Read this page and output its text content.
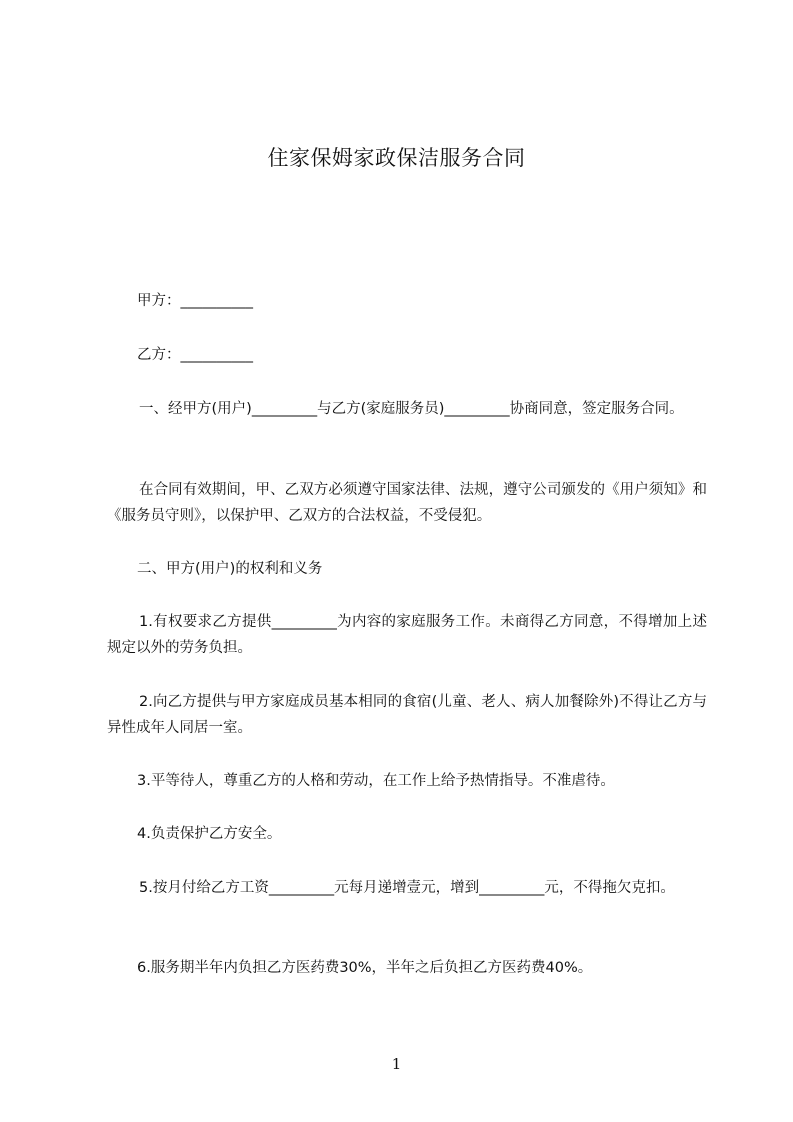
住家保姆家政保洁服务合同
甲方：__________
乙方：__________
一、经甲方(用户)_________与乙方(家庭服务员)_________协商同意，签定服务合同。
在合同有效期间，甲、乙双方必须遵守国家法律、法规，遵守公司颁发的《用户须知》和《服务员守则》，以保护甲、乙双方的合法权益，不受侵犯。
二、甲方(用户)的权利和义务
1.有权要求乙方提供_________为内容的家庭服务工作。未商得乙方同意，不得增加上述规定以外的劳务负担。
2.向乙方提供与甲方家庭成员基本相同的食宿(儿童、老人、病人加餐除外)不得让乙方与异性成年人同居一室。
3.平等待人，尊重乙方的人格和劳动，在工作上给予热情指导。不准虐待。
4.负责保护乙方安全。
5.按月付给乙方工资_________元每月递增壹元，增到_________元，不得拖欠克扣。
6.服务期半年内负担乙方医药费30%，半年之后负担乙方医药费40%。
1
